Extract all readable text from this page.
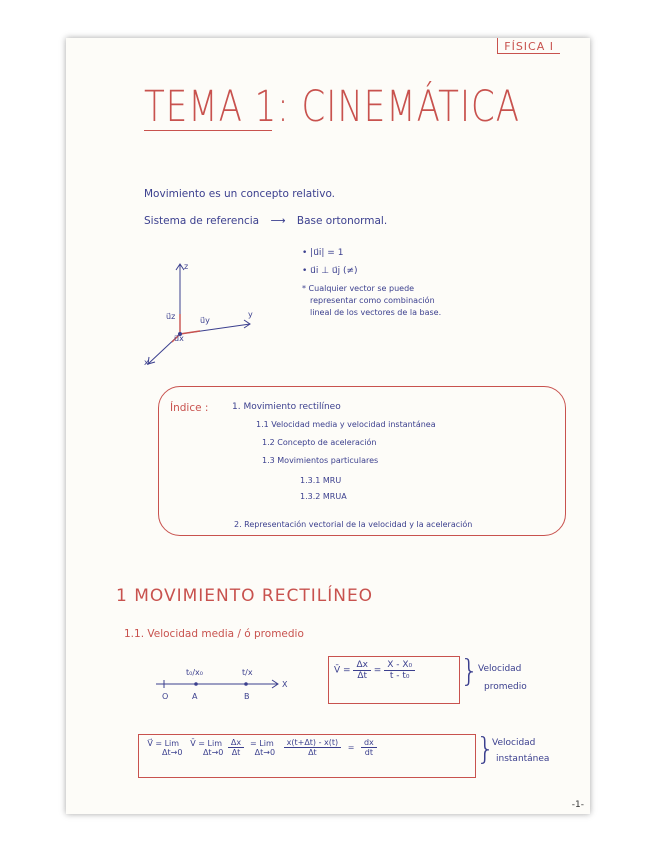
FÍSICA I
TEMA 1: CINEMÁTICA
Movimiento es un concepto relativo.
Sistema de referencia ⟶ Base ortonormal.
z
y
x
u⃗z	u⃗y
u⃗x
• |u⃗i| = 1
• u⃗i ⊥ u⃗j (≠)
* Cualquier vector se puede
representar como combinación
lineal de los vectores de la base.
Índice :	1. Movimiento rectilíneo
1.1 Velocidad media y velocidad instantánea
1.2 Concepto de aceleración
1.3 Movimientos particulares
1.3.1 MRU
1.3.2 MRUA
2. Representación vectorial de la velocidad y la aceleración
1 MOVIMIENTO RECTILÍNEO
1.1. Velocidad media / ó promedio
t₀/x₀	t/x
O	A	B
X
V̄ = $\frac{\Delta x}{\Delta t} = \frac{\text{X - X₀}}{\text{t - t₀}}$ }
Velocidad
promedio
V⃗ = Lim
Δt→0

V̄ = Lim
Δt→0
$\frac{\Delta x}{\Delta t}$
= Lim
Δt→0
$\frac{x(t+\Delta t) - x(t)}{\Delta t} = \frac{dx}{dt}$	}
Velocidad
instantánea
-1-
